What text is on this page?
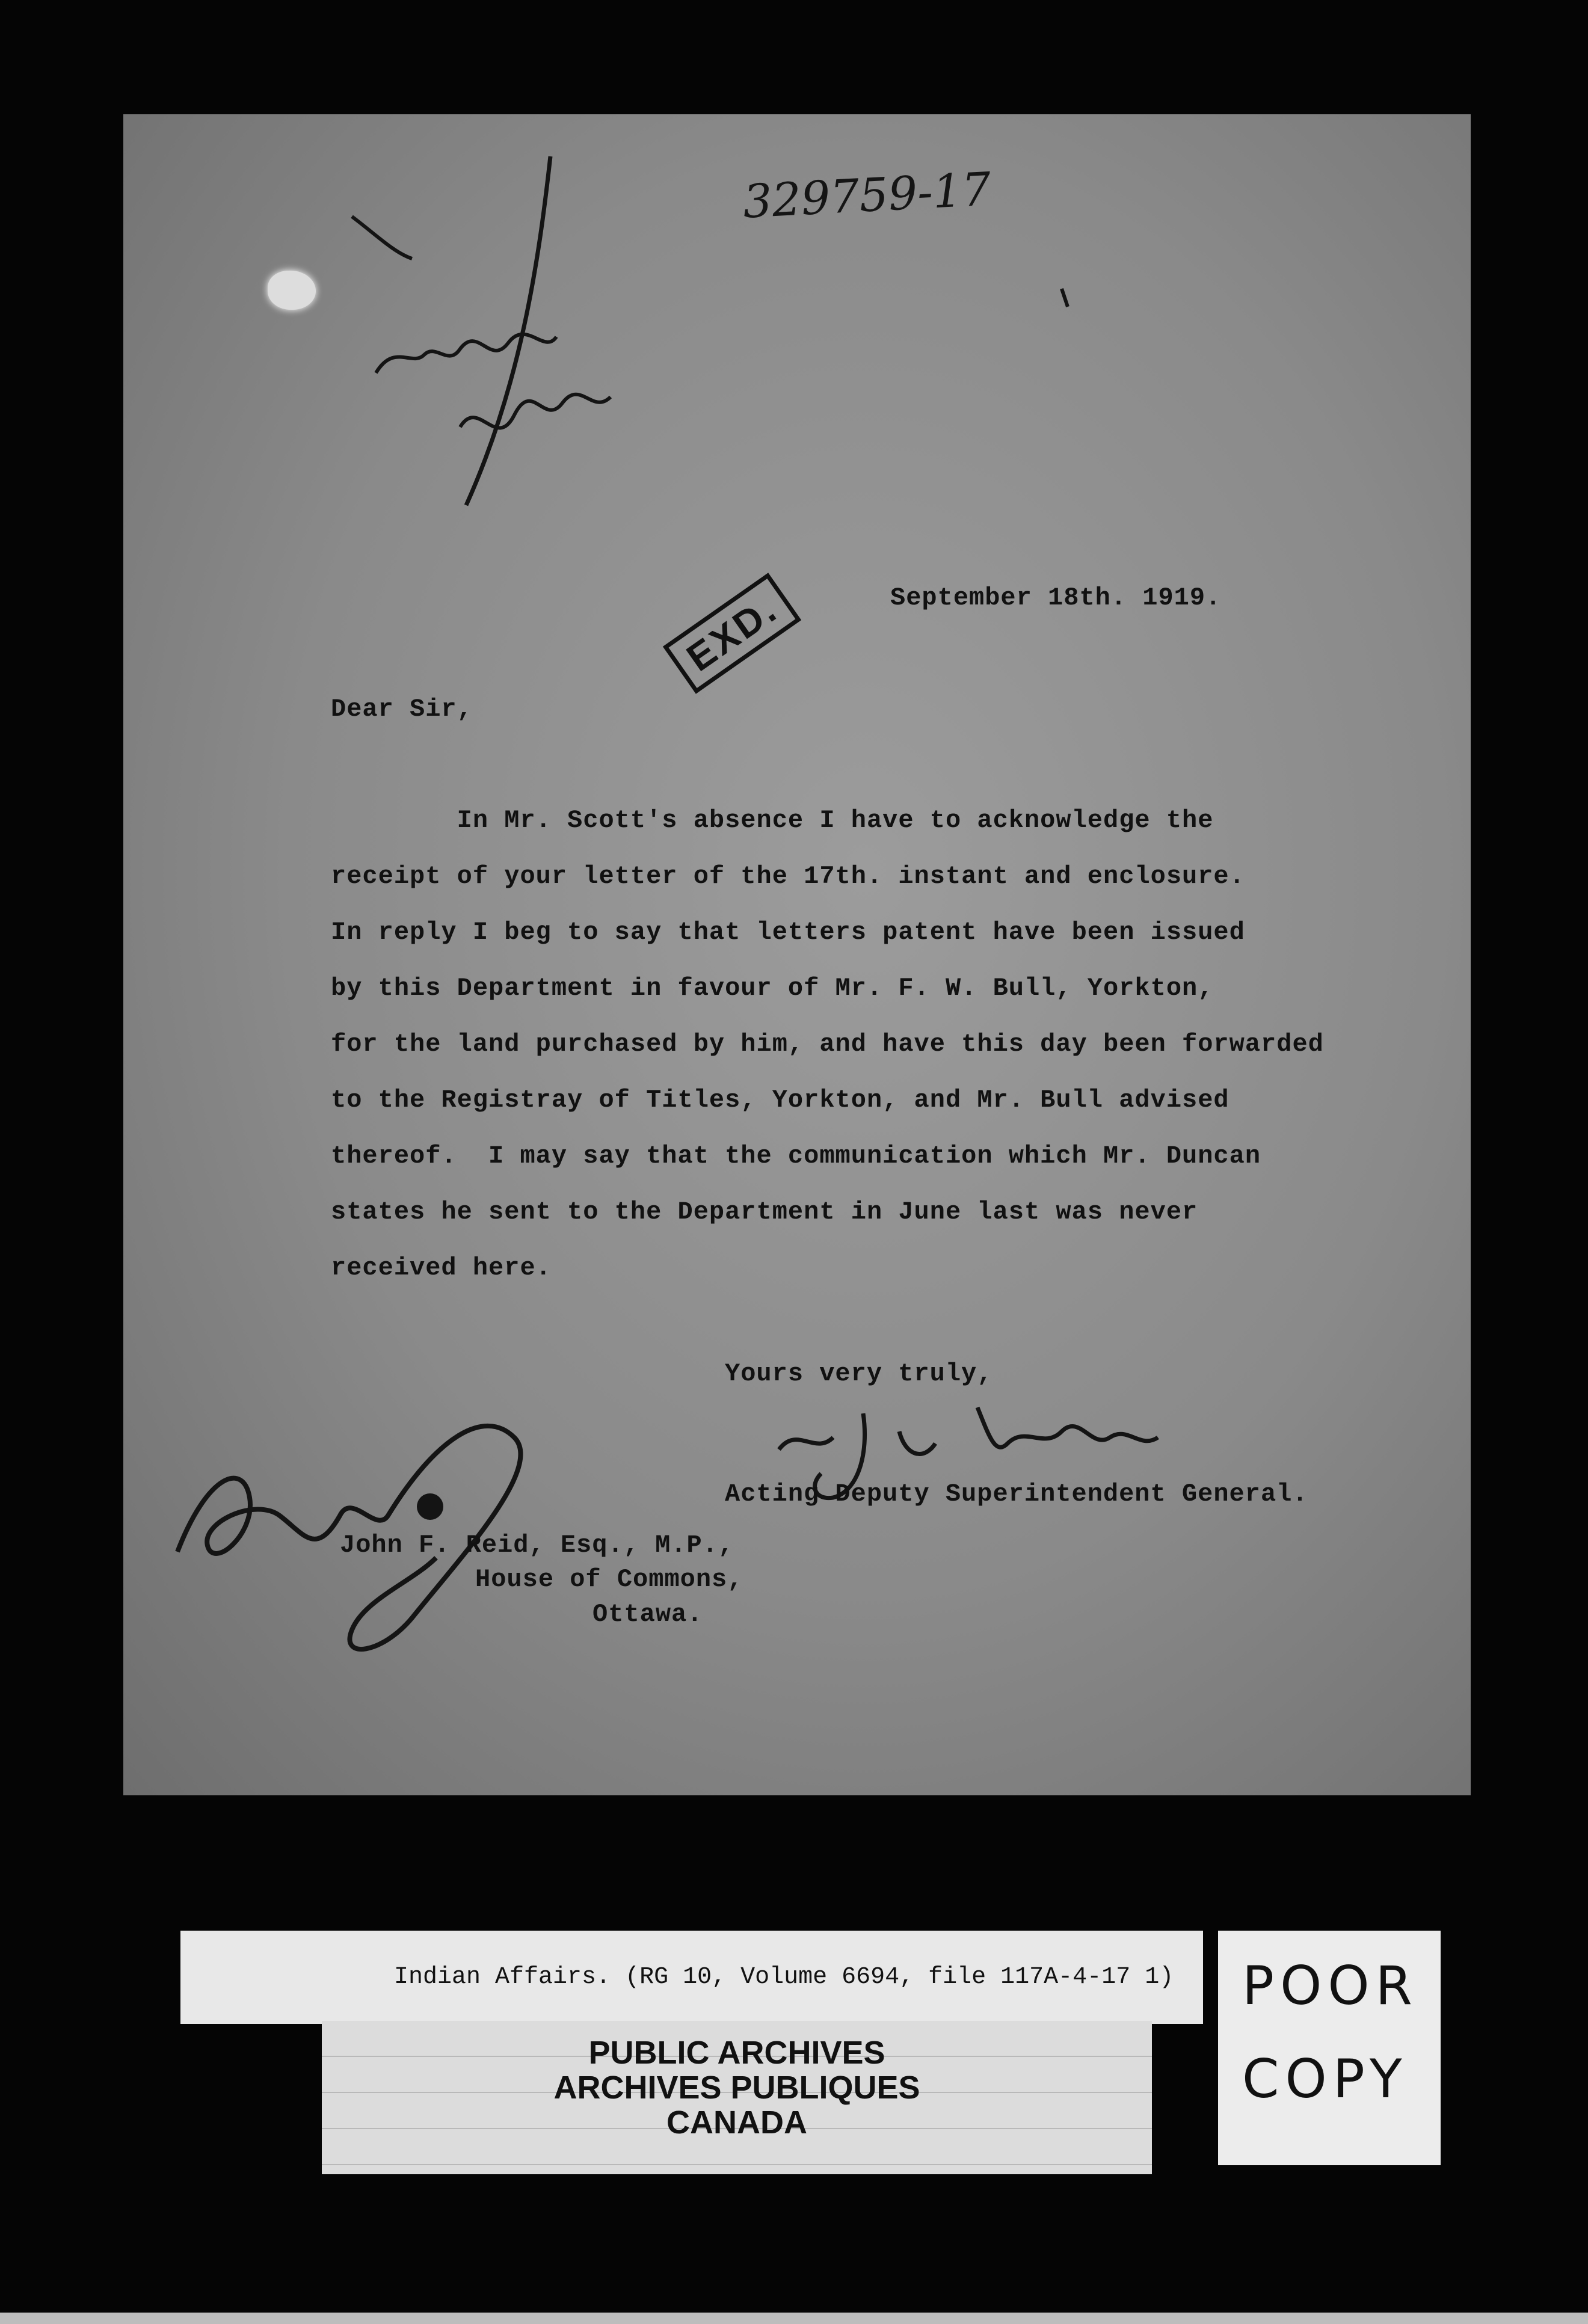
329759-17
EXD.	September 18th. 1919.
Dear Sir,
In Mr. Scott's absence I have to acknowledge the
receipt of your letter of the 17th. instant and enclosure.
In reply I beg to say that letters patent have been issued
by this Department in favour of Mr. F. W. Bull, Yorkton,
for the land purchased by him, and have this day been forwarded
to the Registray of Titles, Yorkton, and Mr. Bull advised
thereof.  I may say that the communication which Mr. Duncan
states he sent to the Department in June last was never
received here.
Yours very truly,
Acting Deputy Superintendent General.
John F. Reid, Esq., M.P.,
House of Commons,
Ottawa.
Indian Affairs. (RG 10, Volume 6694, file 117A-4-17 1)
PUBLIC ARCHIVES
ARCHIVES PUBLIQUES
CANADA
POOR
COPY
